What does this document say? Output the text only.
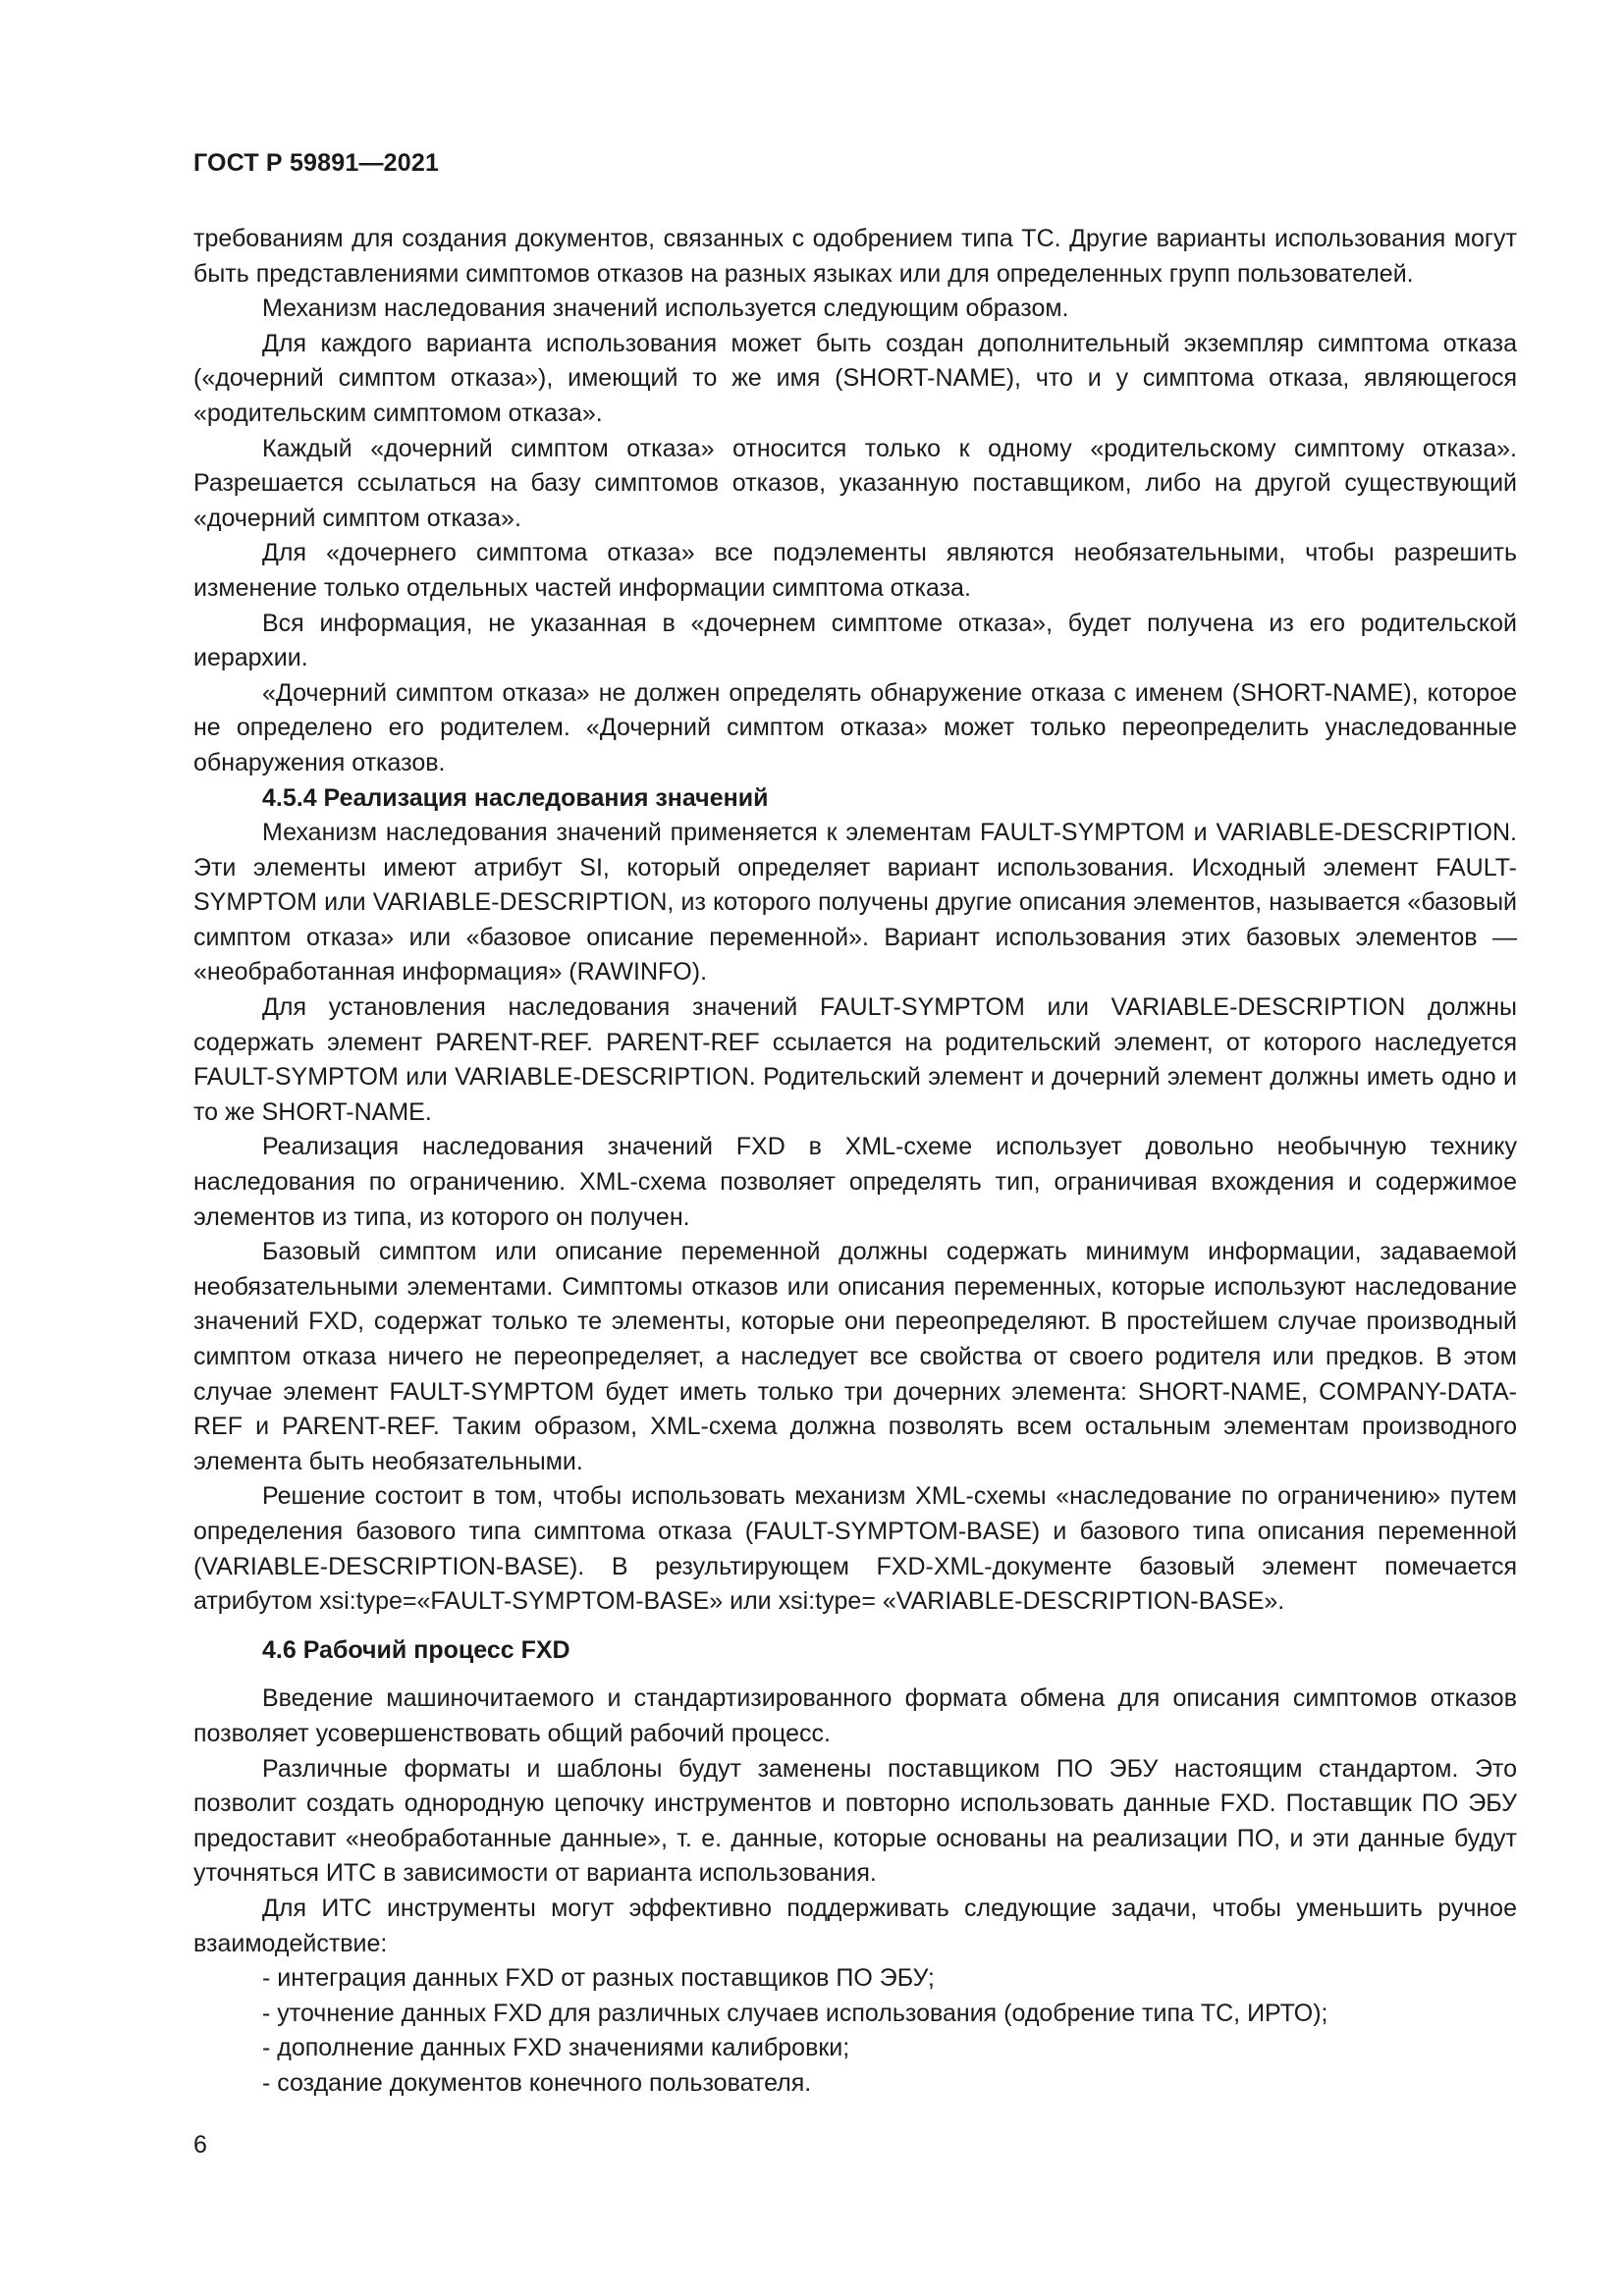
ГОСТ Р 59891—2021

требованиям для создания документов, связанных с одобрением типа ТС. Другие варианты использования могут быть представлениями симптомов отказов на разных языках или для определенных групп пользователей.

Механизм наследования значений используется следующим образом.

Для каждого варианта использования может быть создан дополнительный экземпляр симптома отказа («дочерний симптом отказа»), имеющий то же имя (SHORT-NAME), что и у симптома отказа, являющегося «родительским симптомом отказа».

Каждый «дочерний симптом отказа» относится только к одному «родительскому симптому отказа». Разрешается ссылаться на базу симптомов отказов, указанную поставщиком, либо на другой существующий «дочерний симптом отказа».

Для «дочернего симптома отказа» все подэлементы являются необязательными, чтобы разрешить изменение только отдельных частей информации симптома отказа.

Вся информация, не указанная в «дочернем симптоме отказа», будет получена из его родительской иерархии.

«Дочерний симптом отказа» не должен определять обнаружение отказа с именем (SHORT-NAME), которое не определено его родителем. «Дочерний симптом отказа» может только переопределить унаследованные обнаружения отказов.

4.5.4 Реализация наследования значений

Механизм наследования значений применяется к элементам FAULT-SYMPTOM и VARIABLE-DESCRIPTION. Эти элементы имеют атрибут SI, который определяет вариант использования. Исходный элемент FAULT-SYMPTOM или VARIABLE-DESCRIPTION, из которого получены другие описания элементов, называется «базовый симптом отказа» или «базовое описание переменной». Вариант использования этих базовых элементов — «необработанная информация» (RAWINFO).

Для установления наследования значений FAULT-SYMPTOM или VARIABLE-DESCRIPTION должны содержать элемент PARENT-REF. PARENT-REF ссылается на родительский элемент, от которого наследуется FAULT-SYMPTOM или VARIABLE-DESCRIPTION. Родительский элемент и дочерний элемент должны иметь одно и то же SHORT-NAME.

Реализация наследования значений FXD в XML-схеме использует довольно необычную технику наследования по ограничению. XML-схема позволяет определять тип, ограничивая вхождения и содержимое элементов из типа, из которого он получен.

Базовый симптом или описание переменной должны содержать минимум информации, задаваемой необязательными элементами. Симптомы отказов или описания переменных, которые используют наследование значений FXD, содержат только те элементы, которые они переопределяют. В простейшем случае производный симптом отказа ничего не переопределяет, а наследует все свойства от своего родителя или предков. В этом случае элемент FAULT-SYMPTOM будет иметь только три дочерних элемента: SHORT-NAME, COMPANY-DATA-REF и PARENT-REF. Таким образом, XML-схема должна позволять всем остальным элементам производного элемента быть необязательными.

Решение состоит в том, чтобы использовать механизм XML-схемы «наследование по ограничению» путем определения базового типа симптома отказа (FAULT-SYMPTOM-BASE) и базового типа описания переменной (VARIABLE-DESCRIPTION-BASE). В результирующем FXD-XML-документе базовый элемент помечается атрибутом xsi:type=«FAULT-SYMPTOM-BASE» или xsi:type= «VARIABLE-DESCRIPTION-BASE».

4.6 Рабочий процесс FXD

Введение машиночитаемого и стандартизированного формата обмена для описания симптомов отказов позволяет усовершенствовать общий рабочий процесс.

Различные форматы и шаблоны будут заменены поставщиком ПО ЭБУ настоящим стандартом. Это позволит создать однородную цепочку инструментов и повторно использовать данные FXD. Поставщик ПО ЭБУ предоставит «необработанные данные», т. е. данные, которые основаны на реализации ПО, и эти данные будут уточняться ИТС в зависимости от варианта использования.

Для ИТС инструменты могут эффективно поддерживать следующие задачи, чтобы уменьшить ручное взаимодействие:

- интеграция данных FXD от разных поставщиков ПО ЭБУ;

- уточнение данных FXD для различных случаев использования (одобрение типа ТС, ИРТО);

- дополнение данных FXD значениями калибровки;

- создание документов конечного пользователя.

6
